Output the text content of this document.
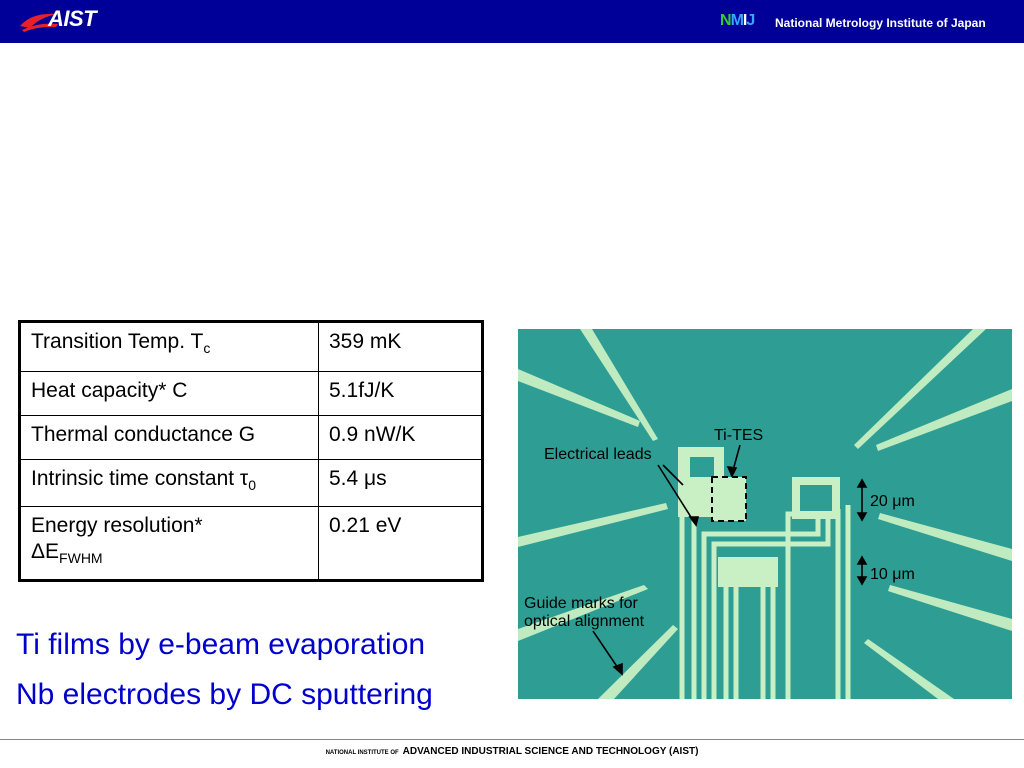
AIST	NMIJ National Metrology Institute of Japan
Transition Temp. $T_c$	359 mK
Heat capacity* C	5.1fJ/K
Thermal conductance G	0.9 nW/K
Intrinsic time constant $\tau_0$	5.4 μs
Energy resolution*
$\Delta E_{FWHM}$	0.21 eV
Ti films by e-beam evaporation
Nb electrodes by DC sputtering
Electrical leads
Ti-TES
20 μm
10 μm
Guide marks for
optical alignment
NATIONAL INSTITUTE OF ADVANCED INDUSTRIAL SCIENCE AND TECHNOLOGY (AIST)
